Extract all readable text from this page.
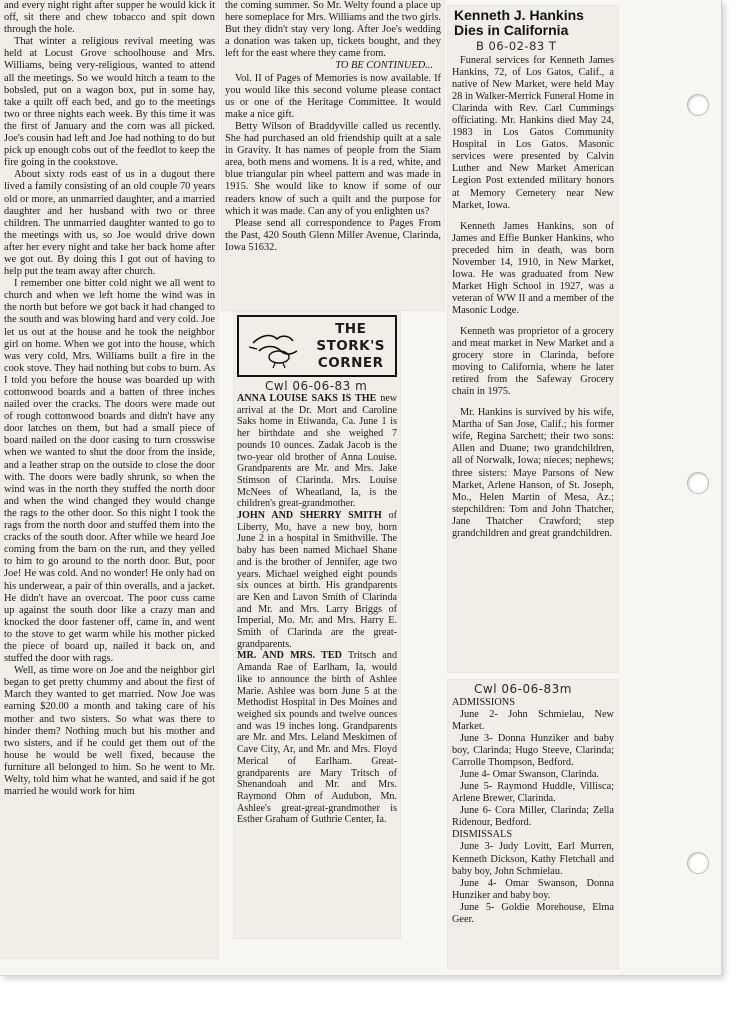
and every night right after supper he would kick it off, sit there and chew tobacco and spit down through the hole.

That winter a religious revival meeting was held at Locust Grove schoolhouse and Mrs. Williams, being very-religious, wanted to attend all the meetings. So we would hitch a team to the bobsled, put on a wagon box, put in some hay, take a quilt off each bed, and go to the meetings two or three nights each week. By this time it was the first of January and the corn was all picked. Joe's cousin had left and Joe had nothing to do but pick up enough cobs out of the feedlot to keep the fire going in the cookstove.

About sixty rods east of us in a dugout there lived a family consisting of an old couple 70 years old or more, an unmarried daughter, and a married daughter and her husband with two or three children. The unmarried daughter wanted to go to the meetings with us, so Joe would drive down after her every night and take her back home after we got out. By doing this I got out of having to help put the team away after church.

I remember one bitter cold night we all went to church and when we left home the wind was in the north but before we got back it had changed to the south and was blowing hard and very cold. Joe let us out at the house and he took the neighbor girl on home. When we got into the house, which was very cold, Mrs. Williams built a fire in the cook stove. They had nothing but cobs to burn. As I told you before the house was boarded up with cottonwood boards and a batten of three inches nailed over the cracks. The doors were made out of rough cottonwood boards and didn't have any door latches on them, but had a small piece of board nailed on the door casing to turn crosswise when we wanted to shut the door from the inside, and a leather strap on the outside to close the door with. The doors were badly shrunk, so when the wind was in the north they stuffed the north door and when the wind changed they would change the rags to the other door. So this night I took the rags from the north door and stuffed them into the cracks of the south door. After while we heard Joe coming from the barn on the run, and they yelled to him to go around to the north door. But, poor Joe! He was cold. And no wonder! He only had on his underwear, a pair of thin overalls, and a jacket. He didn't have an overcoat. The poor cuss came up against the south door like a crazy man and knocked the door fastener off, came in, and went to the stove to get warm while his mother picked the piece of board up, nailed it back on, and stuffed the door with rags.

Well, as time wore on Joe and the neighbor girl began to get pretty chummy and about the first of March they wanted to get married. Now Joe was earning $20.00 a month and taking care of his mother and two sisters. So what was there to hinder them? Nothing much but his mother and two sisters, and if he could get them out of the house he would be well fixed, because the furniture all belonged to him. So he went to Mr. Welty, told him what he wanted, and said if he got married he would work for him

the coming summer. So Mr. Welty found a place up here someplace for Mrs. Williams and the two girls. But they didn't stay very long. After Joe's wedding a donation was taken up, tickets bought, and they left for the east where they came from.

TO BE CONTINUED...

Vol. II of Pages of Memories is now available. If you would like this second volume please contact us or one of the Heritage Committee. It would make a nice gift.

Betty Wilson of Braddyville called us recently. She had purchased an old friendship quilt at a sale in Gravity. It has names of people from the Siam area, both mens and womens. It is a red, white, and blue triangular pin wheel pattern and was made in 1915. She would like to know if some of our readers know of such a quilt and the purpose for which it was made. Can any of you enlighten us?

Please send all correspondence to Pages From the Past, 420 South Glenn Miller Avenue, Clarinda, Iowa 51632.

THE
STORK'S
CORNER
Cwl 06-06-83 m

ANNA LOUISE SAKS IS THE new arrival at the Dr. Mort and Caroline Saks home in Etiwanda, Ca. June 1 is her birthdate and she weighed 7 pounds 10 ounces. Zadak Jacob is the two-year old brother of Anna Louise. Grandparents are Mr. and Mrs. Jake Stimson of Clarinda. Mrs. Louise McNees of Wheatland, Ia, is the children's great-grandmother.

JOHN AND SHERRY SMITH of Liberty, Mo, have a new boy, born June 2 in a hospital in Smithville. The baby has been named Michael Shane and is the brother of Jennifer, age two years. Michael weighed eight pounds six ounces at birth. His grandparents are Ken and Lavon Smith of Clarinda and Mr. and Mrs. Larry Briggs of Imperial, Mo. Mr. and Mrs. Harry E. Smith of Clarinda are the great-grandparents.

MR. AND MRS. TED Tritsch and Amanda Rae of Earlham, Ia, would like to announce the birth of Ashlee Marie. Ashlee was born June 5 at the Methodist Hospital in Des Moines and weighed six pounds and twelve ounces and was 19 inches long. Grandparents are Mr. and Mrs. Leland Meskimen of Cave City, Ar, and Mr. and Mrs. Floyd Merical of Earlham. Great-grandparents are Mary Tritsch of Shenandoah and Mr. and Mrs. Raymond Ohm of Audubon, Mn. Ashlee's great-great-grandmother is Esther Graham of Guthrie Center, Ia.

Kenneth J. Hankins
Dies in California
B 06-02-83 T

Funeral services for Kenneth James Hankins, 72, of Los Gatos, Calif., a native of New Market, were held May 28 in Walker-Merrick Funeral Home in Clarinda with Rev. Carl Cummings officiating. Mr. Hankins died May 24, 1983 in Los Gatos Community Hospital in Los Gatos. Masonic services were presented by Calvin Luther and New Market American Legion Post extended military honors at Memory Cemetery near New Market, Iowa.

Kenneth James Hankins, son of James and Effie Bunker Hankins, who preceded him in death, was born November 14, 1910, in New Market, Iowa. He was graduated from New Market High School in 1927, was a veteran of WW II and a member of the Masonic Lodge.

Kenneth was proprietor of a grocery and meat market in New Market and a grocery store in Clarinda, before moving to California, where he later retired from the Safeway Grocery chain in 1975.

Mr. Hankins is survived by his wife, Martha of San Jose, Calif.; his former wife, Regina Sarchett; their two sons: Allen and Duane; two grandchildren, all of Norwalk, Iowa; nieces; nephews; three sisters: Maye Parsons of New Market, Arlene Hanson, of St. Joseph, Mo., Helen Martin of Mesa, Az.; stepchildren: Tom and John Thatcher, Jane Thatcher Crawford; step grandchildren and great grandchildren.

Cwl 06-06-83m
ADMISSIONS

June 2- John Schmielau, New Market.

June 3- Donna Hunziker and baby boy, Clarinda; Hugo Steeve, Clarinda; Carrolle Thompson, Bedford.

June 4- Omar Swanson, Clarinda.

June 5- Raymond Huddle, Villisca; Arlene Brewer, Clarinda.

June 6- Cora Miller, Clarinda; Zella Ridenour, Bedford.

DISMISSALS

June 3- Judy Lovitt, Earl Murren, Kenneth Dickson, Kathy Fletchall and baby boy, John Schmielau.

June 4- Omar Swanson, Donna Hunziker and baby boy.

June 5- Goldie Morehouse, Elma Geer.
